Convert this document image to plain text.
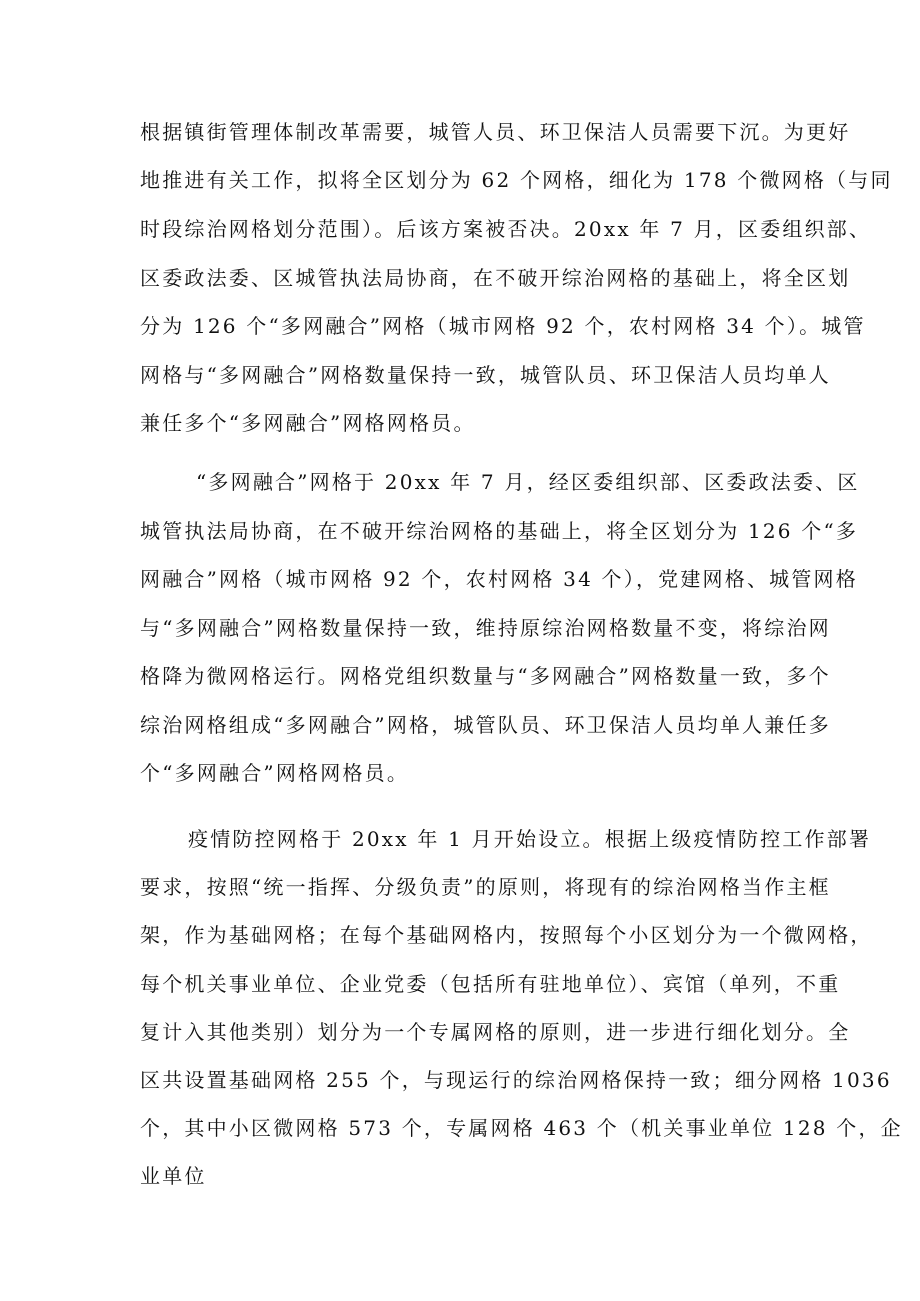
根据镇街管理体制改革需要，城管人员、环卫保洁人员需要下沉。为更好
地推进有关工作，拟将全区划分为 62 个网格，细化为 178 个微网格（与同
时段综治网格划分范围）。后该方案被否决。20xx 年 7 月，区委组织部、
区委政法委、区城管执法局协商，在不破开综治网格的基础上，将全区划
分为 126 个“多网融合”网格（城市网格 92 个，农村网格 34 个）。城管
网格与“多网融合”网格数量保持一致，城管队员、环卫保洁人员均单人
兼任多个“多网融合”网格网格员。
“多网融合”网格于 20xx 年 7 月，经区委组织部、区委政法委、区
城管执法局协商，在不破开综治网格的基础上，将全区划分为 126 个“多
网融合”网格（城市网格 92 个，农村网格 34 个），党建网格、城管网格
与“多网融合”网格数量保持一致，维持原综治网格数量不变，将综治网
格降为微网格运行。网格党组织数量与“多网融合”网格数量一致，多个
综治网格组成“多网融合”网格，城管队员、环卫保洁人员均单人兼任多
个“多网融合”网格网格员。
疫情防控网格于 20xx 年 1 月开始设立。根据上级疫情防控工作部署
要求，按照“统一指挥、分级负责”的原则，将现有的综治网格当作主框
架，作为基础网格；在每个基础网格内，按照每个小区划分为一个微网格，
每个机关事业单位、企业党委（包括所有驻地单位）、宾馆（单列，不重
复计入其他类别）划分为一个专属网格的原则，进一步进行细化划分。全
区共设置基础网格 255 个，与现运行的综治网格保持一致；细分网格 1036
个，其中小区微网格 573 个，专属网格 463 个（机关事业单位 128 个，企
业单位
